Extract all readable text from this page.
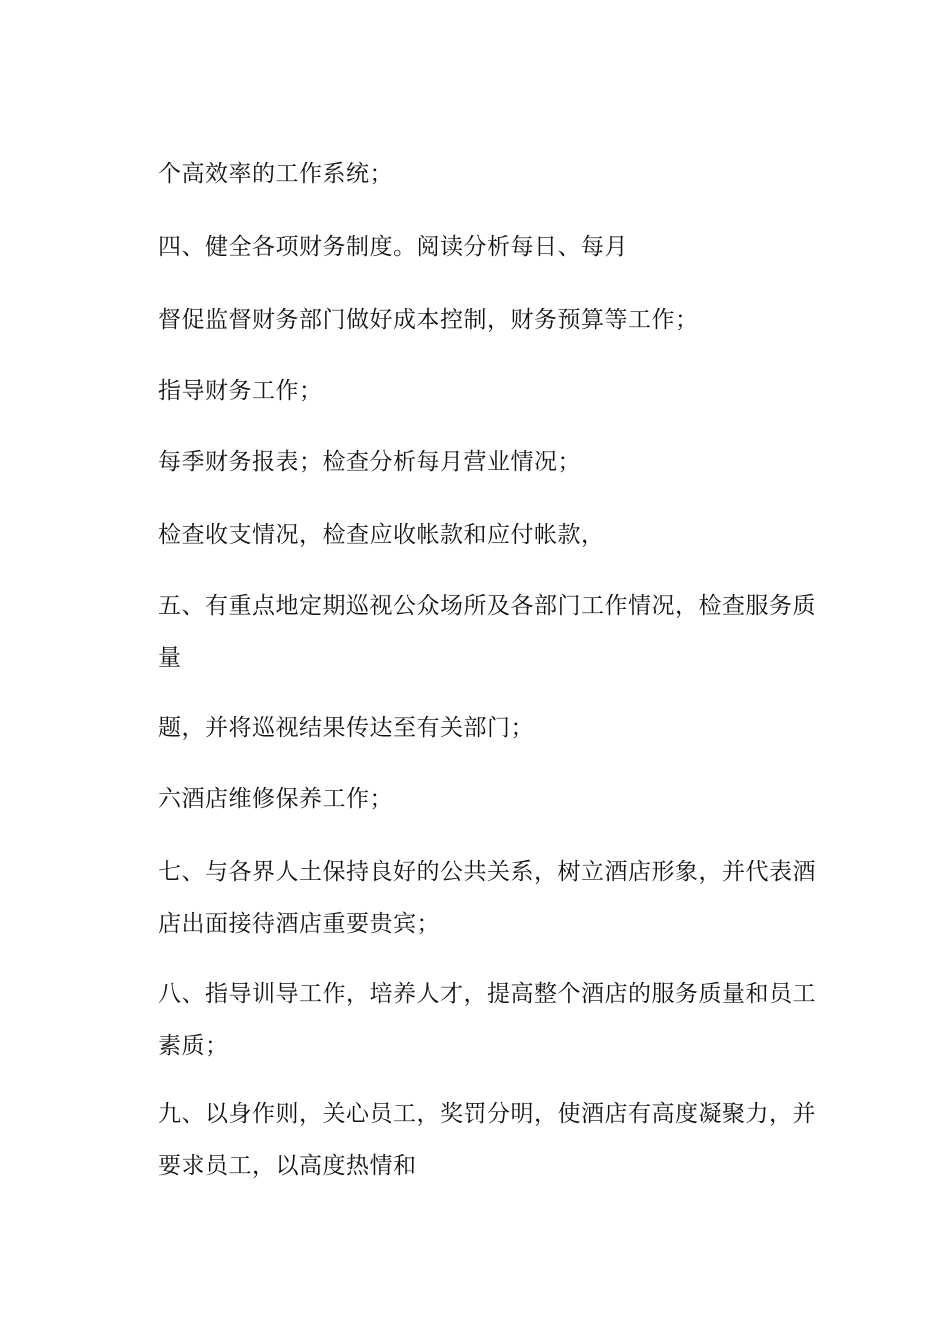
个高效率的工作系统；
四、健全各项财务制度。阅读分析每日、每月
督促监督财务部门做好成本控制，财务预算等工作；
指导财务工作；
每季财务报表；检查分析每月营业情况；
检查收支情况，检查应收帐款和应付帐款，
五、有重点地定期巡视公众场所及各部门工作情况，检查服务质
量
题，并将巡视结果传达至有关部门；
六酒店维修保养工作；
七、与各界人土保持良好的公共关系，树立酒店形象，并代表酒
店出面接待酒店重要贵宾；
八、指导训导工作，培养人才，提高整个酒店的服务质量和员工
素质；
九、以身作则，关心员工，奖罚分明，使酒店有高度凝聚力，并
要求员工，以高度热情和
